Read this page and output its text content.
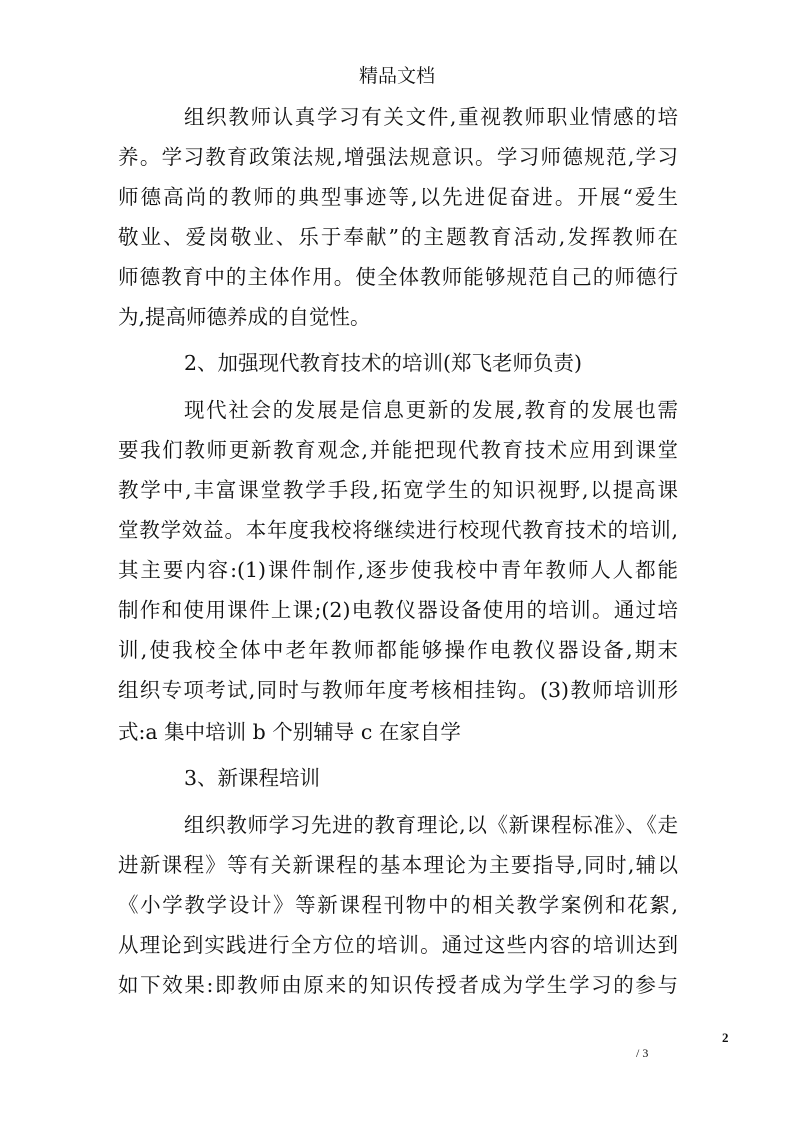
精品文档
组织教师认真学习有关文件,重视教师职业情感的培
养。学习教育政策法规,增强法规意识。学习师德规范,学习
师德高尚的教师的典型事迹等,以先进促奋进。开展“爱生
敬业、爱岗敬业、乐于奉献”的主题教育活动,发挥教师在
师德教育中的主体作用。使全体教师能够规范自己的师德行
为,提高师德养成的自觉性。
2、加强现代教育技术的培训(郑飞老师负责)
现代社会的发展是信息更新的发展,教育的发展也需
要我们教师更新教育观念,并能把现代教育技术应用到课堂
教学中,丰富课堂教学手段,拓宽学生的知识视野,以提高课
堂教学效益。本年度我校将继续进行校现代教育技术的培训,
其主要内容:(1)课件制作,逐步使我校中青年教师人人都能
制作和使用课件上课;(2)电教仪器设备使用的培训。通过培
训,使我校全体中老年教师都能够操作电教仪器设备,期末
组织专项考试,同时与教师年度考核相挂钩。(3)教师培训形
式:a 集中培训 b 个别辅导 c 在家自学
3、新课程培训
组织教师学习先进的教育理论,以《新课程标准》、《走
进新课程》等有关新课程的基本理论为主要指导,同时,辅以
《小学教学设计》等新课程刊物中的相关教学案例和花絮,
从理论到实践进行全方位的培训。通过这些内容的培训达到
如下效果:即教师由原来的知识传授者成为学生学习的参与
2
/ 3
